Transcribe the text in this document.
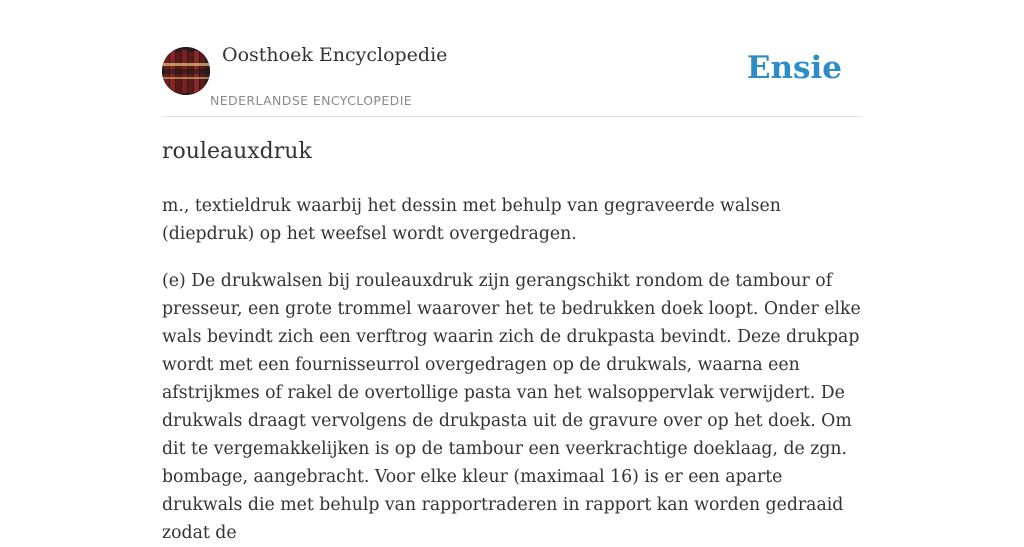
Oosthoek Encyclopedie
NEDERLANDSE ENCYCLOPEDIE
Ensie
rouleauxdruk

m., textieldruk waarbij het dessin met behulp van gegraveerde walsen (diepdruk) op het weefsel wordt overgedragen.

(e) De drukwalsen bij rouleauxdruk zijn gerangschikt rondom de tambour of presseur, een grote trommel waarover het te bedrukken doek loopt. Onder elke wals bevindt zich een verftrog waarin zich de drukpasta bevindt. Deze drukpap wordt met een fournisseurrol overgedragen op de drukwals, waarna een afstrijkmes of rakel de overtollige pasta van het walsoppervlak verwijdert. De drukwals draagt vervolgens de drukpasta uit de gravure over op het doek. Om dit te vergemakkelijken is op de tambour een veerkrachtige doeklaag, de zgn. bombage, aangebracht. Voor elke kleur (maximaal 16) is er een aparte drukwals die met behulp van rapportraderen in rapport kan worden gedraaid zodat de
